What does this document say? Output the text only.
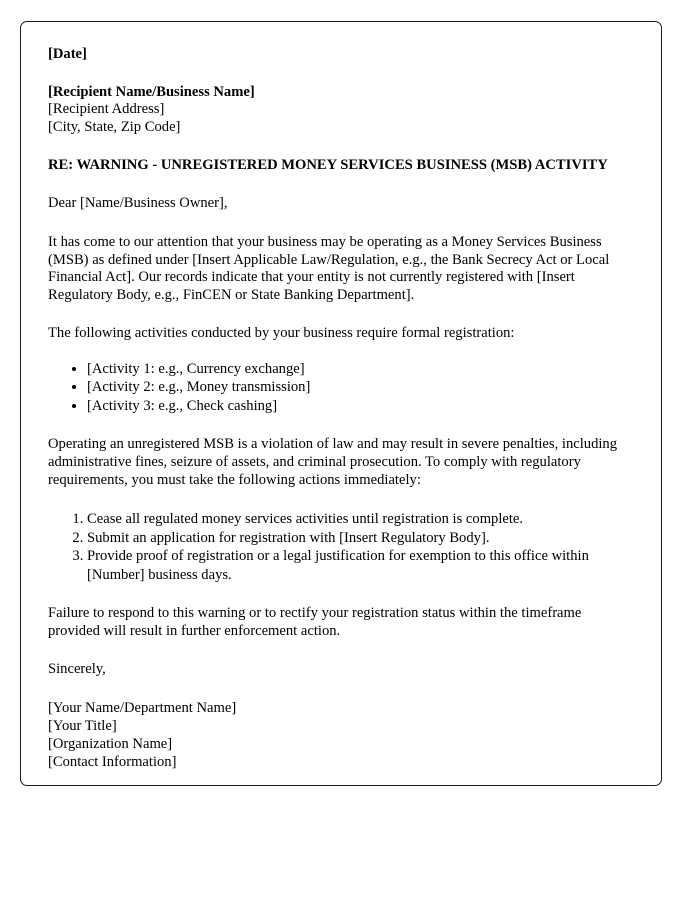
[Date]
[Recipient Name/Business Name]
[Recipient Address]
[City, State, Zip Code]
RE: WARNING - UNREGISTERED MONEY SERVICES BUSINESS (MSB) ACTIVITY

Dear [Name/Business Owner],

It has come to our attention that your business may be operating as a Money Services Business (MSB) as defined under [Insert Applicable Law/Regulation, e.g., the Bank Secrecy Act or Local Financial Act]. Our records indicate that your entity is not currently registered with [Insert Regulatory Body, e.g., FinCEN or State Banking Department].

The following activities conducted by your business require formal registration:

• [Activity 1: e.g., Currency exchange]
• [Activity 2: e.g., Money transmission]
• [Activity 3: e.g., Check cashing]

Operating an unregistered MSB is a violation of law and may result in severe penalties, including administrative fines, seizure of assets, and criminal prosecution. To comply with regulatory requirements, you must take the following actions immediately:

1. Cease all regulated money services activities until registration is complete.
2. Submit an application for registration with [Insert Regulatory Body].
3. Provide proof of registration or a legal justification for exemption to this office within [Number] business days.

Failure to respond to this warning or to rectify your registration status within the timeframe provided will result in further enforcement action.

Sincerely,

[Your Name/Department Name]
[Your Title]
[Organization Name]
[Contact Information]
